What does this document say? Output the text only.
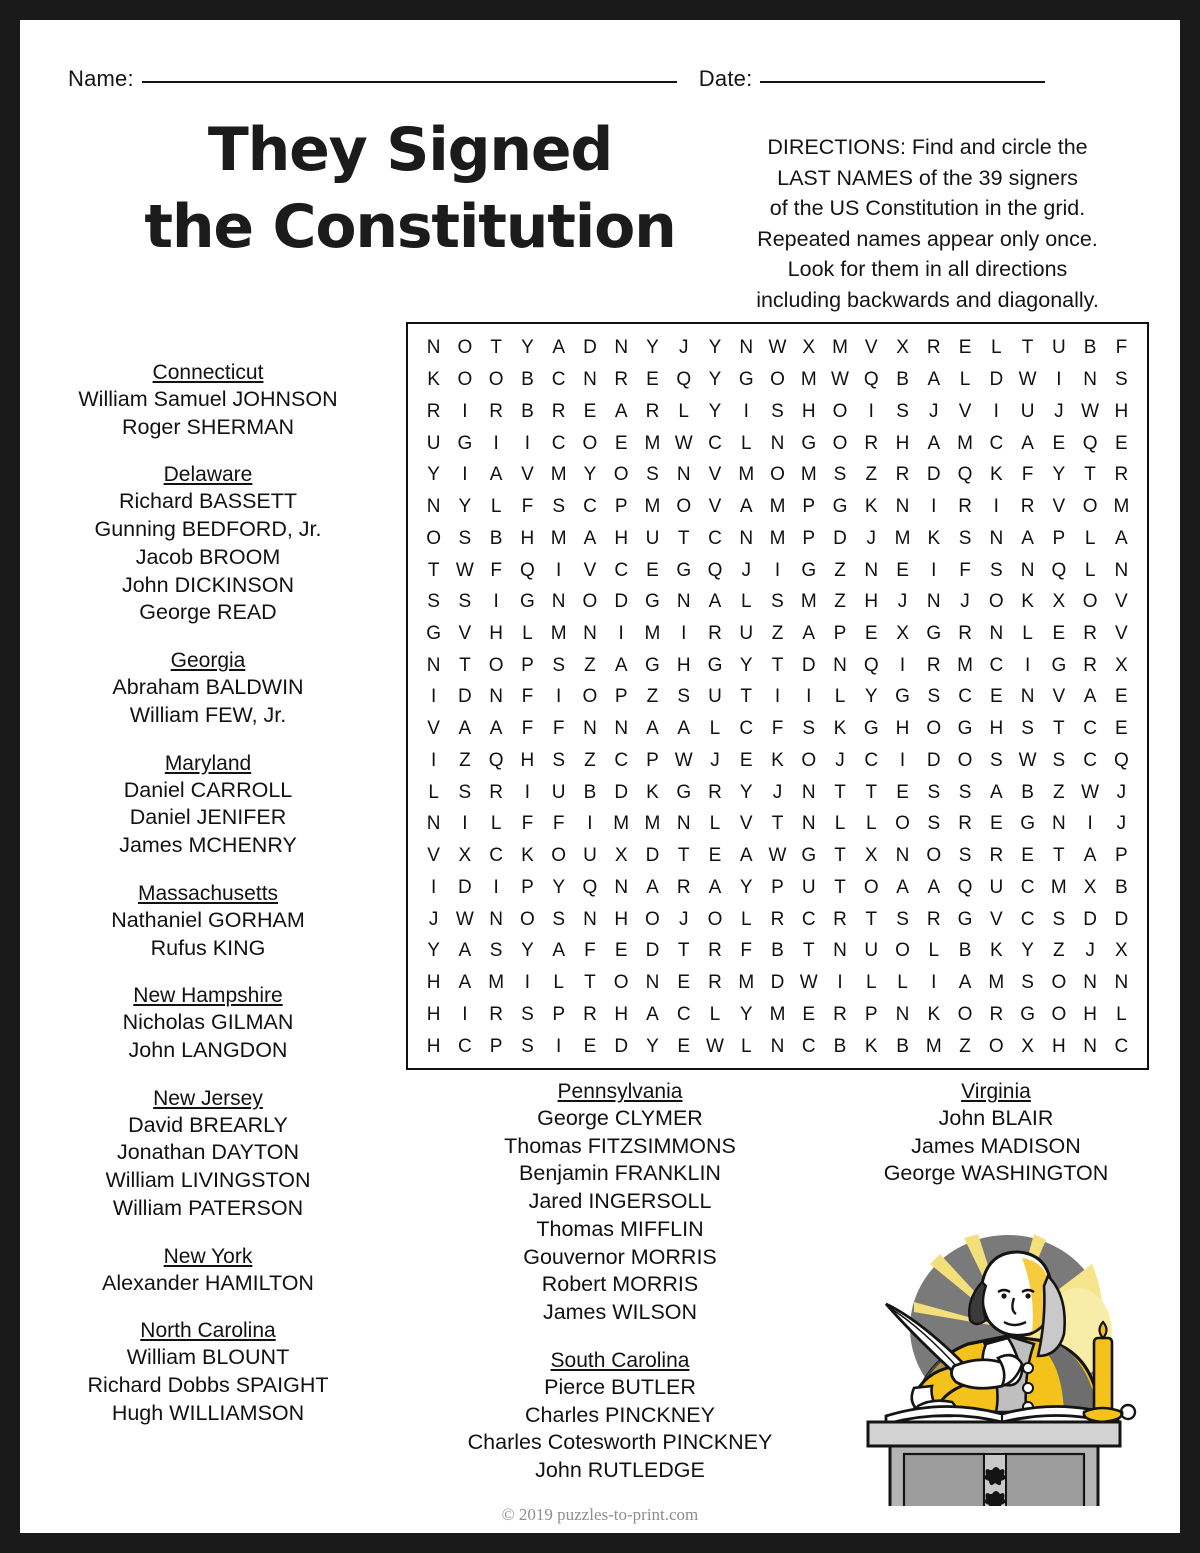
Name:	Date:
They Signed
the Constitution
DIRECTIONS: Find and circle the
LAST NAMES of the 39 signers
of the US Constitution in the grid.
Repeated names appear only once.
Look for them in all directions
including backwards and diagonally.
N O T Y A D N Y J Y N W X M V X R E L T U B F
K O O B C N R E Q Y G O M W Q B A L D W I N S
R I R B R E A R L Y I S H O I S J V I U J W H
U G I I C O E M W C L N G O R H A M C A E Q E
Y I A V M Y O S N V M O M S Z R D Q K F Y T R
N Y L F S C P M O V A M P G K N I R I R V O M
O S B H M A H U T C N M P D J M K S N A P L A
T W F Q I V C E G Q J I G Z N E I F S N Q L N
S S I G N O D G N A L S M Z H J N J O K X O V
G V H L M N I M I R U Z A P E X G R N L E R V
N T O P S Z A G H G Y T D N Q I R M C I G R X
I D N F I O P Z S U T I I L Y G S C E N V A E
V A A F F N N A A L C F S K G H O G H S T C E
I Z Q H S Z C P W J E K O J C I D O S W S C Q
L S R I U B D K G R Y J N T T E S S A B Z W J
N I L F F I M M N L V T N L L O S R E G N I J
V X C K O U X D T E A W G T X N O S R E T A P
I D I P Y Q N A R A Y P U T O A A Q U C M X B
J W N O S N H O J O L R C R T S R G V C S D D
Y A S Y A F E D T R F B T N U O L B K Y Z J X
H A M I L T O N E R M D W I L L I A M S O N N
H I R S P R H A C L Y M E R P N K O R G O H L
H C P S I E D Y E W L N C B K B M Z O X H N C
Connecticut
William Samuel JOHNSON
Roger SHERMAN
Delaware
Richard BASSETT
Gunning BEDFORD, Jr.
Jacob BROOM
John DICKINSON
George READ
Georgia
Abraham BALDWIN
William FEW, Jr.
Maryland
Daniel CARROLL
Daniel JENIFER
James MCHENRY
Massachusetts
Nathaniel GORHAM
Rufus KING
New Hampshire
Nicholas GILMAN
John LANGDON
New Jersey
David BREARLY
Jonathan DAYTON
William LIVINGSTON
William PATERSON
New York
Alexander HAMILTON
North Carolina
William BLOUNT
Richard Dobbs SPAIGHT
Hugh WILLIAMSON
Pennsylvania
George CLYMER
Thomas FITZSIMMONS
Benjamin FRANKLIN
Jared INGERSOLL
Thomas MIFFLIN
Gouvernor MORRIS
Robert MORRIS
James WILSON
South Carolina
Pierce BUTLER
Charles PINCKNEY
Charles Cotesworth PINCKNEY
John RUTLEDGE
Virginia
John BLAIR
James MADISON
George WASHINGTON
© 2019 puzzles-to-print.com
